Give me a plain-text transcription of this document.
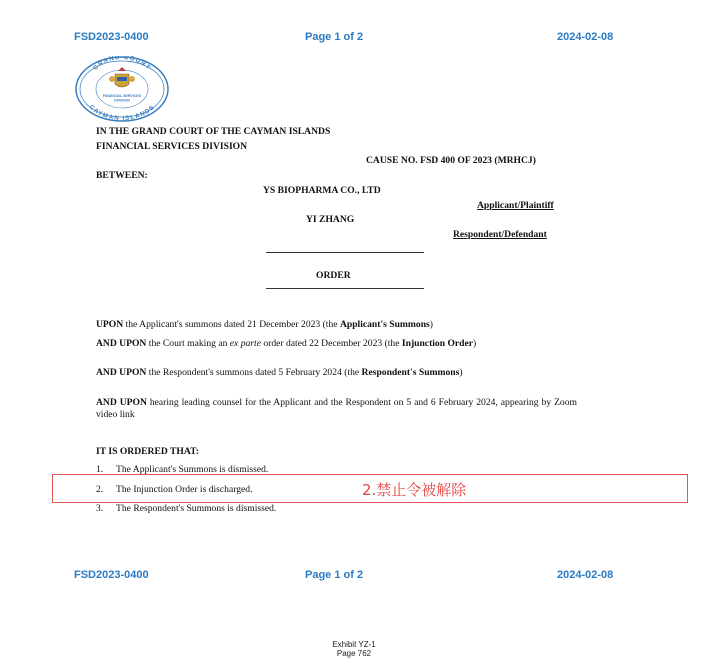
FSD2023-0400	Page 1 of 2	2024-02-08
GRAND COURT
CAYMAN ISLANDS
FINANCIAL SERVICES
DIVISION
IN THE GRAND COURT OF THE CAYMAN ISLANDS
FINANCIAL SERVICES DIVISION
CAUSE NO. FSD 400 OF 2023 (MRHCJ)
BETWEEN:
YS BIOPHARMA CO., LTD
Applicant/Plaintiff
YI ZHANG
Respondent/Defendant
ORDER
UPON the Applicant's summons dated 21 December 2023 (the Applicant's Summons)
AND UPON the Court making an ex parte order dated 22 December 2023 (the Injunction Order)
AND UPON the Respondent's summons dated 5 February 2024 (the Respondent's Summons)
AND UPON hearing leading counsel for the Applicant and the Respondent on 5 and 6 February 2024, appearing by Zoom video link
IT IS ORDERED THAT:
1. The Applicant's Summons is dismissed.
2. The Injunction Order is discharged.
3. The Respondent's Summons is dismissed.
2.禁止令被解除
FSD2023-0400	Page 1 of 2	2024-02-08
Exhibit YZ-1
Page 762
